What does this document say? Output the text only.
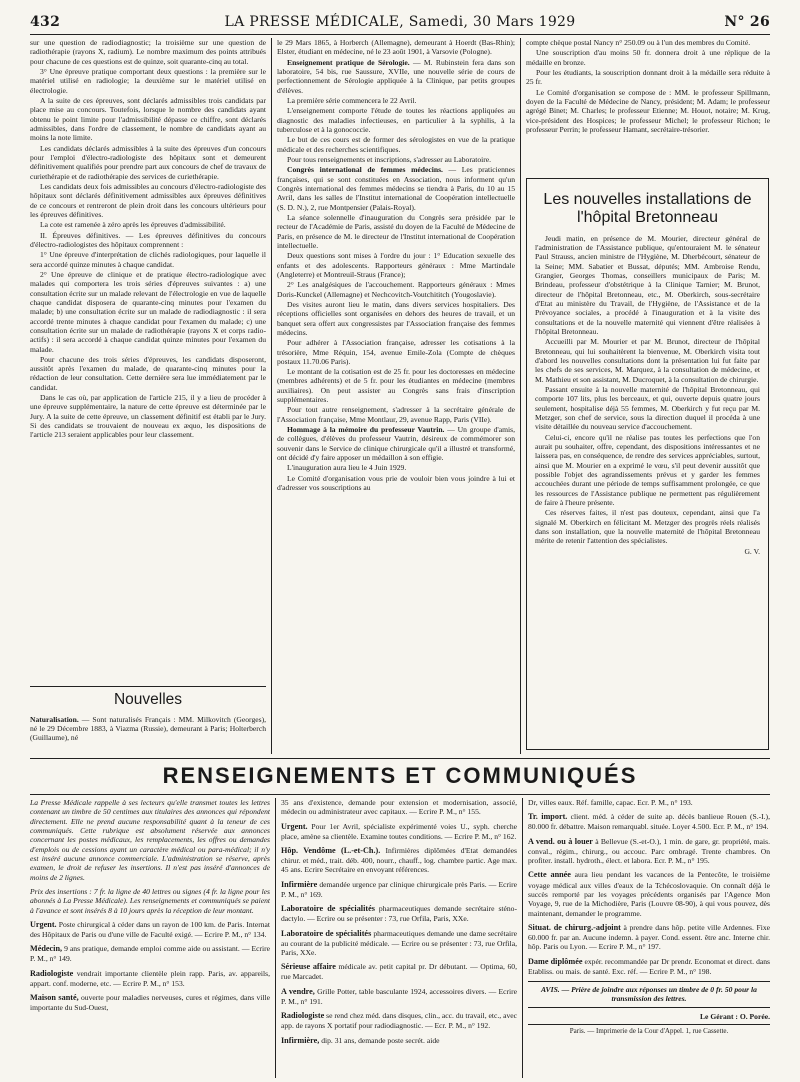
432	LA PRESSE MÉDICALE, Samedi, 30 Mars 1929	N° 26

sur une question de radiodiagnostic; la troisième sur une question de radiothérapie (rayons X, radium). Le nombre maximum des points attribués pour chacune de ces questions est de quinze, soit quarante-cinq au total.

3° Une épreuve pratique comportant deux questions : la première sur le matériel utilisé en radiologie; la deuxième sur le matériel utilisé en électrologie.

A la suite de ces épreuves, sont déclarés admissibles trois candidats par place mise au concours. Toutefois, lorsque le nombre des candidats ayant obtenu le point limite pour l'admissibilité dépasse ce chiffre, sont déclarés admissibles, dans l'ordre de classement, le nombre de candidats ayant au moins la note limite.

Les candidats déclarés admissibles à la suite des épreuves d'un concours pour l'emploi d'électro-radiologiste des hôpitaux sont et demeurent définitivement qualifiés pour prendre part aux concours de chef de travaux de curiethérapie et de radiothérapie des services de curiethérapie.

Les candidats deux fois admissibles au concours d'électro-radiologiste des hôpitaux sont déclarés définitivement admissibles aux épreuves définitives de ce concours et rentreront de plein droit dans les concours ultérieurs pour les épreuves définitives.

La cote est ramenée à zéro après les épreuves d'admissibilité.

II. Épreuves définitives. — Les épreuves définitives du concours d'électro-radiologistes des hôpitaux comprennent :

1° Une épreuve d'interprétation de clichés radiologiques, pour laquelle il sera accordé quinze minutes à chaque candidat.

2° Une épreuve de clinique et de pratique électro-radiologique avec malades qui comportera les trois séries d'épreuves suivantes : a) une consultation écrite sur un malade relevant de l'électrologie en vue de laquelle chaque candidat disposera de quarante-cinq minutes pour l'examen du malade; b) une consultation écrite sur un malade de radiodiagnostic : il sera accordé trente minutes à chaque candidat pour l'examen du malade; c) une consultation écrite sur un malade de radiothérapie (rayons X et corps radio-actifs) : il sera accordé à chaque candidat quinze minutes pour l'examen du malade.

Pour chacune des trois séries d'épreuves, les candidats disposeront, aussitôt après l'examen du malade, de quarante-cinq minutes pour la rédaction de leur consultation. Cette dernière sera lue immédiatement par le candidat.

Dans le cas où, par application de l'article 215, il y a lieu de procéder à une épreuve supplémentaire, la nature de cette épreuve est déterminée par le Jury. A la suite de cette épreuve, un classement définitif est établi par le Jury. Si des candidats se trouvaient de nouveau ex æquo, les dispositions de l'article 213 seraient applicables pour leur classement.

Nouvelles

Naturalisation. — Sont naturalisés Français : MM. Milkovitch (Georges), né le 29 Décembre 1883, à Viazma (Russie), demeurant à Paris; Holterberch (Guillaume), né

le 29 Mars 1865, à Horberch (Allemagne), demeurant à Hoerdt (Bas-Rhin); Elster, étudiant en médecine, né le 23 août 1901, à Varsovie (Pologne).

Enseignement pratique de Sérologie. — M. Rubinstein fera dans son laboratoire, 54 bis, rue Saussure, XVIIe, une nouvelle série de cours de perfectionnement de Sérologie appliquée à la Clinique, par petits groupes d'élèves.

La première série commencera le 22 Avril.

L'enseignement comporte l'étude de toutes les réactions appliquées au diagnostic des maladies infectieuses, en particulier à la syphilis, à la tuberculose et à la gonococcie.

Le but de ces cours est de former des sérologistes en vue de la pratique médicale et des recherches scientifiques.

Pour tous renseignements et inscriptions, s'adresser au Laboratoire.

Congrès international de femmes médecins. — Les praticiennes françaises, qui se sont constituées en Association, nous informent qu'un Congrès international des femmes médecins se tiendra à Paris, du 10 au 15 Avril, dans les salles de l'Institut international de Coopération intellectuelle (S. D. N.), 2, rue Montpensier (Palais-Royal).

La séance solennelle d'inauguration du Congrès sera présidée par le recteur de l'Académie de Paris, assisté du doyen de la Faculté de Médecine de Paris, en présence de M. le directeur de l'Institut international de Coopération intellectuelle.

Deux questions sont mises à l'ordre du jour : 1° Education sexuelle des enfants et des adolescents. Rapporteurs généraux : Mme Martindale (Angleterre) et Montreuil-Straus (France);

2° Les analgésiques de l'accouchement. Rapporteurs généraux : Mmes Doris-Kunckel (Allemagne) et Nechcovitch-Voutchititch (Yougoslavie).

Des visites auront lieu le matin, dans divers services hospitaliers. Des réceptions officielles sont organisées en dehors des heures de travail, et un banquet sera offert aux congressistes par l'Association française des femmes médecins.

Pour adhérer à l'Association française, adresser les cotisations à la trésorière, Mme Réquin, 154, avenue Emile-Zola (Compte de chèques postaux 11.70.06 Paris).

Le montant de la cotisation est de 25 fr. pour les doctoresses en médecine (membres adhérents) et de 5 fr. pour les étudiantes en médecine (membres auxiliaires). On peut assister au Congrès sans frais d'inscription supplémentaires.

Pour tout autre renseignement, s'adresser à la secrétaire générale de l'Association française, Mme Montlaur, 29, avenue Rapp, Paris (VIIe).

Hommage à la mémoire du professeur Vautrin. — Un groupe d'amis, de collègues, d'élèves du professeur Vautrin, désireux de commémorer son souvenir dans le Service de clinique chirurgicale qu'il a illustré et transformé, ont décidé d'y faire apposer un médaillon à son effigie.

L'inauguration aura lieu le 4 Juin 1929.

Le Comité d'organisation vous prie de vouloir bien vous joindre à lui et d'adresser vos souscriptions au

compte chèque postal Nancy n° 250.09 ou à l'un des membres du Comité.

Une souscription d'au moins 50 fr. donnera droit à une réplique de la médaille en bronze.

Pour les étudiants, la souscription donnant droit à la médaille sera réduite à 25 fr.

Le Comité d'organisation se compose de : MM. le professeur Spillmann, doyen de la Faculté de Médecine de Nancy, président; M. Adam; le professeur agrégé Binet; M. Charles; le professeur Etienne; M. Houot, notaire; M. Krug, vice-président des Hospices; le professeur Michel; le professeur Richon; le professeur Perrin; le professeur Hamant, secrétaire-trésorier.

Les nouvelles installations de l'hôpital Bretonneau

Jeudi matin, en présence de M. Mourier, directeur général de l'administration de l'Assistance publique, qu'entouraient M. le sénateur Paul Strauss, ancien ministre de l'Hygiène, M. Dherbécourt, sénateur de la Seine; MM. Sabatier et Bussat, députés; MM. Ambroise Rendu, Grangier, Georges Thomas, conseillers municipaux de Paris; M. Brindeau, professeur d'obstétrique à la Clinique Tarnier; M. Brunot, directeur de l'hôpital Bretonneau, etc., M. Oberkirch, sous-secrétaire d'Etat au ministère du Travail, de l'Hygiène, de l'Assistance et de la Prévoyance sociales, a procédé à l'inauguration et à la visite des consultations et de la nouvelle maternité qui viennent d'être réalisées à l'hôpital Bretonneau.

Accueilli par M. Mourier et par M. Brunot, directeur de l'hôpital Bretonneau, qui lui souhaitèrent la bienvenue, M. Oberkirch visita tout d'abord les nouvelles consultations dont la présentation lui fut faite par les chefs de ses services, M. Marquez, à la consultation de médecine, et M. Mathieu et son assistant, M. Ducroquet, à la consultation de chirurgie.

Passant ensuite à la nouvelle maternité de l'hôpital Bretonneau, qui comporte 107 lits, plus les berceaux, et qui, ouverte depuis quatre jours seulement, hospitalise déjà 55 femmes, M. Oberkirch y fut reçu par M. Metzger, son chef de service, sous la direction duquel il procéda à une visite détaillée du nouveau service d'accouchement.

Celui-ci, encore qu'il ne réalise pas toutes les perfections que l'on aurait pu souhaiter, offre, cependant, des dispositions intéressantes et ne laissera pas, en conséquence, de rendre des services appréciables, surtout, ainsi que M. Mourier en a exprimé le vœu, s'il peut devenir aussitôt que possible l'objet des agrandissements prévus et y garder les femmes accouchées durant une période de temps suffisamment prolongée, ce que les ressources de l'Assistance publique ne permettent pas régulièrement de faire à l'heure présente.

Ces réserves faites, il n'est pas douteux, cependant, ainsi que l'a signalé M. Oberkirch en félicitant M. Metzger des progrès réels réalisés dans son installation, que la nouvelle maternité de l'hôpital Bretonneau mérite de retenir l'attention des spécialistes.

G. V.
RENSEIGNEMENTS ET COMMUNIQUÉS

La Presse Médicale rappelle à ses lecteurs qu'elle transmet toutes les lettres contenant un timbre de 50 centimes aux titulaires des annonces qui répondent directement. Elle ne prend aucune responsabilité quant à la teneur de ces communiqués. Cette rubrique est absolument réservée aux annonces concernant les postes médicaux, les remplacements, les offres ou demandes d'emplois ou de cessions ayant un caractère médical ou para-médical; il n'y est inséré aucune annonce commerciale. L'administration se réserve, après examen, le droit de refuser les insertions. Il n'est pas inséré d'annonces de moins de 2 lignes.

Prix des insertions : 7 fr. la ligne de 40 lettres ou signes (4 fr. la ligne pour les abonnés à La Presse Médicale). Les renseignements et communiqués se paient à l'avance et sont insérés 8 à 10 jours après la réception de leur montant.

Urgent. Poste chirurgical à céder dans un rayon de 100 km. de Paris. Internat des Hôpitaux de Paris ou d'une ville de Faculté exigé. — Ecrire P. M., n° 134.

Médecin, 9 ans pratique, demande emploi comme aide ou assistant. — Ecrire P. M., n° 149.

Radiologiste vendrait importante clientèle plein rapp. Paris, av. appareils, appart. conf. moderne, etc. — Ecrire P. M., n° 153.

Maison santé, ouverte pour maladies nerveuses, cures et régimes, dans ville importante du Sud-Ouest,

35 ans d'existence, demande pour extension et modernisation, associé, médecin ou administrateur avec capitaux. — Ecrire P. M., n° 155.

Urgent. Pour 1er Avril, spécialiste expérimenté voies U., syph. cherche place, amène sa clientèle. Examine toutes conditions. — Ecrire P. M., n° 162.

Hôp. Vendôme (L.-et-Ch.). Infirmières diplômées d'Etat demandées chirur. et méd., trait. déb. 400, nourr., chauff., log. chambre partic. Age max. 45 ans. Ecrire Secrétaire en envoyant références.

Infirmière demandée urgence par clinique chirurgicale près Paris. — Ecrire P. M., n° 169.

Laboratoire de spécialités pharmaceutiques demande secrétaire sténo-dactylo. — Ecrire ou se présenter : 73, rue Orfila, Paris, XXe.

Laboratoire de spécialités pharmaceutiques demande une dame secrétaire au courant de la publicité médicale. — Ecrire ou se présenter : 73, rue Orfila, Paris, XXe.

Sérieuse affaire médicale av. petit capital pr. Dr débutant. — Optima, 60, rue Marcadet.

A vendre, Grille Potter, table basculante 1924, accessoires divers. — Ecrire P. M., n° 191.

Radiologiste se rend chez méd. dans disques, clin., acc. du travail, etc., avec app. de rayons X portatif pour radiodiagnostic. — Ecr. P. M., n° 192.

Infirmière, dip. 31 ans, demande poste secrét. aide

Dr, villes eaux. Réf. famille, capac. Ecr. P. M., n° 193.

Tr. import. client. méd. à céder de suite ap. décès banlieue Rouen (S.-I.), 80.000 fr. débattre. Maison remarquabl. située. Loyer 4.500. Ecr. P. M., n° 194.

A vend. ou à louer à Bellevue (S.-et-O.), 1 min. de gare, gr. propriété, mais. conval., régim., chirurg., ou accouc. Parc ombragé. Trente chambres. On profiter. install. hydroth., élect. et labora. Ecr. P. M., n° 195.

Cette année aura lieu pendant les vacances de la Pentecôte, le troisième voyage médical aux villes d'eaux de la Tchécoslovaquie. On connaît déjà le succès remporté par les voyages précédents organisés par l'Agence Mon Voyage, 9, rue de la Michodière, Paris (Louvre 08-90), à qui vous pouvez, dès maintenant, demander le programme.

Situat. de chirurg.-adjoint à prendre dans hôp. petite ville Ardennes. Fixe 60.000 fr. par an. Aucune indemn. à payer. Cond. essent. être anc. Interne chir. hôp. Paris ou Lyon. — Ecrire P. M., n° 197.

Dame diplômée expér. recommandée par Dr prendr. Economat et direct. dans Etabliss. ou mais. de santé. Exc. réf. — Ecrire P. M., n° 198.

AVIS. — Prière de joindre aux réponses un timbre de 0 fr. 50 pour la transmission des lettres.
Le Gérant : O. Porée.
Paris. — Imprimerie de la Cour d'Appel. 1, rue Cassette.
